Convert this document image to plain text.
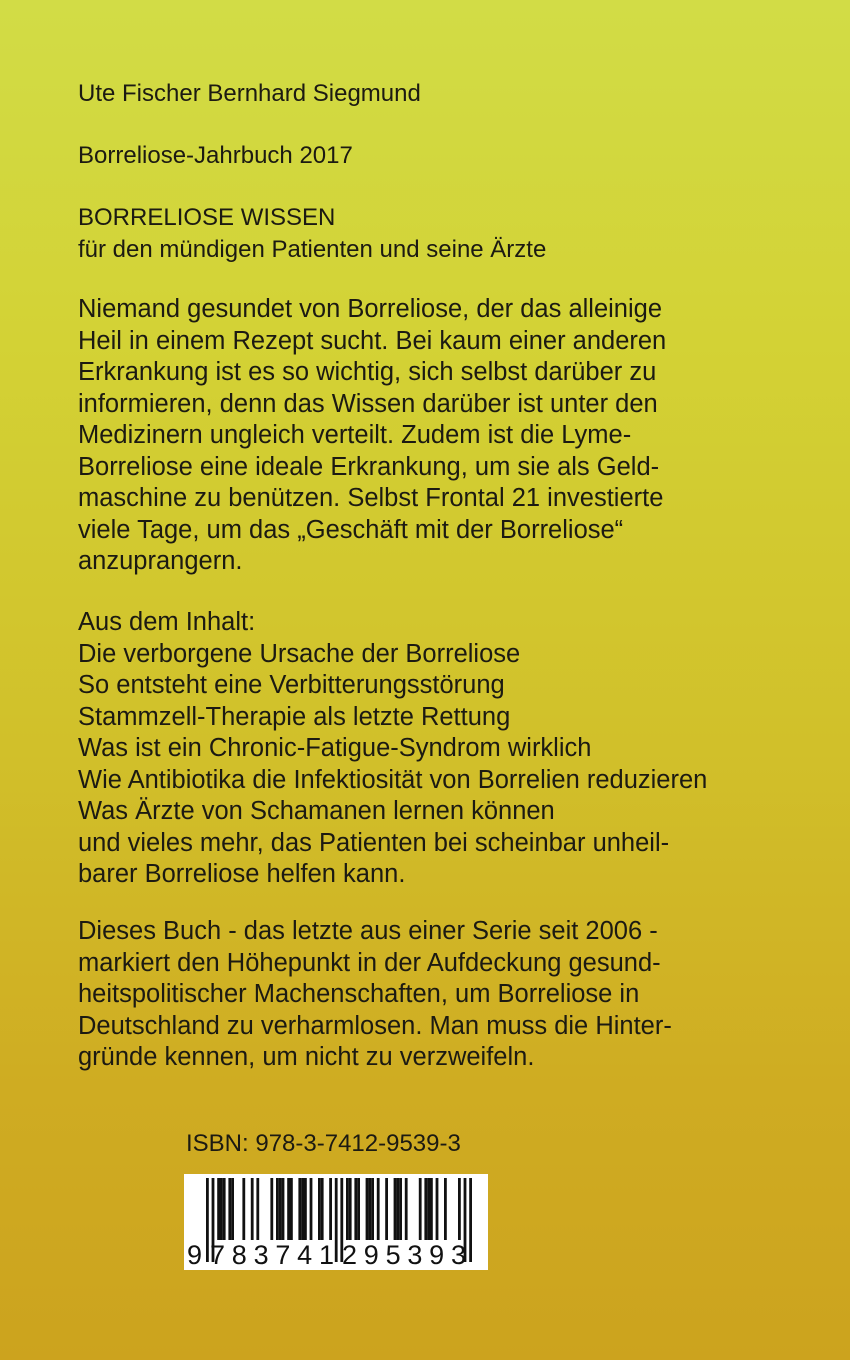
Ute Fischer Bernhard Siegmund
Borreliose-Jahrbuch 2017
BORRELIOSE WISSEN
für den mündigen Patienten und seine Ärzte
Niemand gesundet von Borreliose, der das alleinige
Heil in einem Rezept sucht. Bei kaum einer anderen
Erkrankung ist es so wichtig, sich selbst darüber zu
informieren, denn das Wissen darüber ist unter den
Medizinern ungleich verteilt. Zudem ist die Lyme-
Borreliose eine ideale Erkrankung, um sie als Geld-
maschine zu benützen. Selbst Frontal 21 investierte
viele Tage, um das „Geschäft mit der Borreliose“
anzuprangern.
Aus dem Inhalt:
Die verborgene Ursache der Borreliose
So entsteht eine Verbitterungsstörung
Stammzell-Therapie als letzte Rettung
Was ist ein Chronic-Fatigue-Syndrom wirklich
Wie Antibiotika die Infektiosität von Borrelien reduzieren
Was Ärzte von Schamanen lernen können
und vieles mehr, das Patienten bei scheinbar unheil-
barer Borreliose helfen kann.
Dieses Buch - das letzte aus einer Serie seit 2006 -
markiert den Höhepunkt in der Aufdeckung gesund-
heitspolitischer Machenschaften, um Borreliose in
Deutschland zu verharmlosen. Man muss die Hinter-
gründe kennen, um nicht zu verzweifeln.
ISBN: 978-3-7412-9539-3
9 783741 295393
